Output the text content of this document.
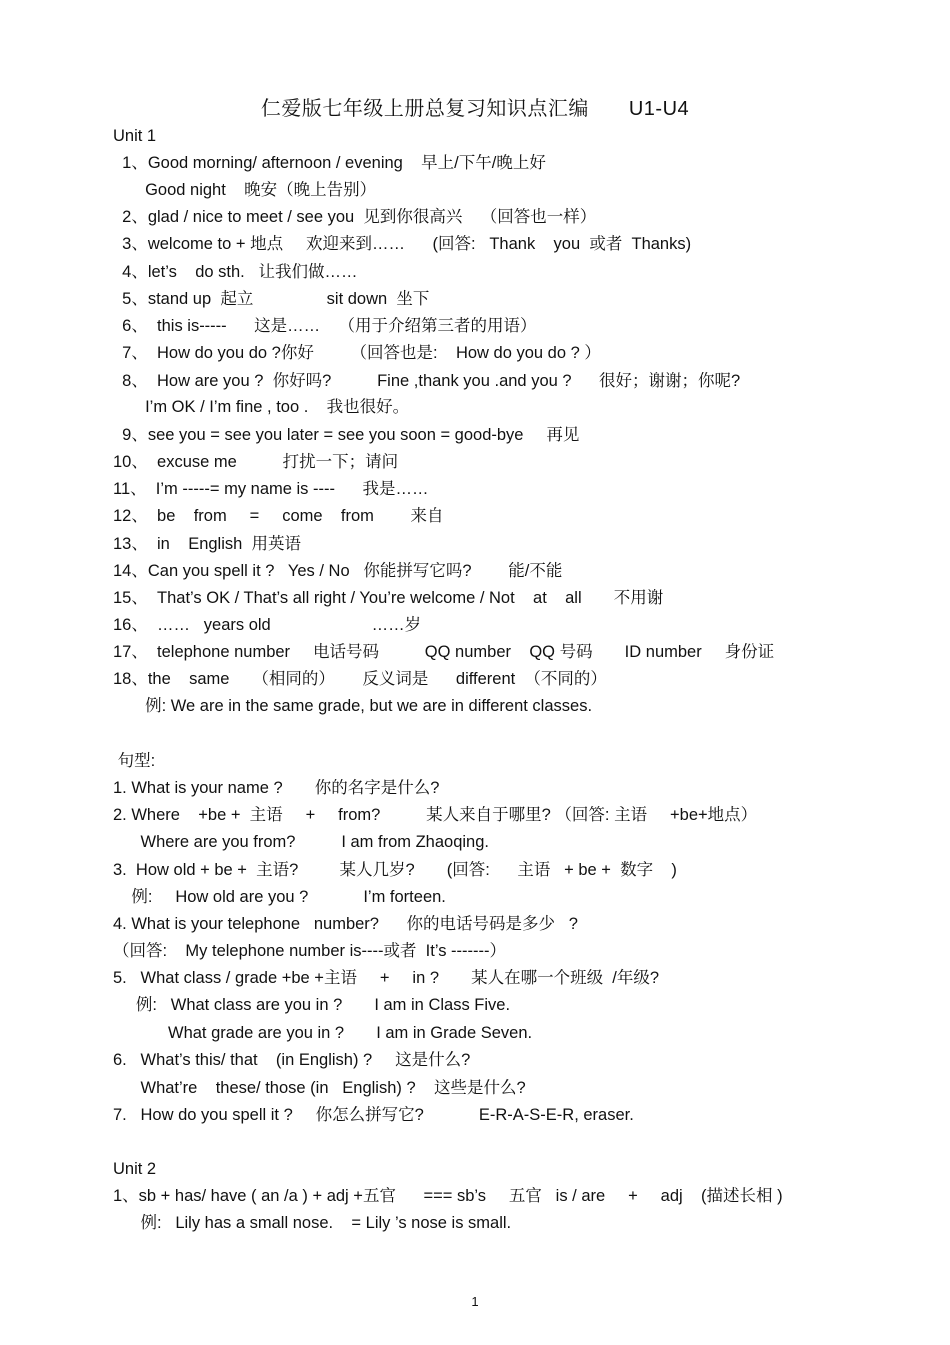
仁爱版七年级上册总复习知识点汇编 U1-U4
Unit 1
1、Good morning/ afternoon / evening    早上/下午/晚上好
Good night    晚安（晚上告别）
2、glad / nice to meet / see you  见到你很高兴    （回答也一样）
3、welcome to + 地点     欢迎来到……      (回答:   Thank    you  或者  Thanks)
4、let’s    do sth.   让我们做……
5、stand up  起立                sit down  坐下
6、  this is-----      这是……    （用于介绍第三者的用语）
7、  How do you do ?你好        （回答也是:    How do you do ? ）
8、  How are you ?  你好吗?          Fine ,thank you .and you ?      很好；谢谢；你呢?
I’m OK / I’m fine , too .    我也很好。
9、see you = see you later = see you soon = good-bye     再见
10、  excuse me          打扰一下；请问
11、  I’m -----= my name is ----      我是……
12、  be    from     =     come    from        来自
13、  in    English  用英语
14、Can you spell it ?   Yes / No   你能拼写它吗?        能/不能
15、  That’s OK / That’s all right / You’re welcome / Not    at    all       不用谢
16、  ……   years old                      ……岁
17、  telephone number     电话号码          QQ number    QQ 号码       ID number     身份证
18、the    same     （相同的）      反义词是      different  （不同的）
例: We are in the same grade, but we are in different classes.
句型:
1. What is your name ?       你的名字是什么?
2. Where    +be +  主语     +     from?          某人来自于哪里? （回答: 主语     +be+地点）
Where are you from?          I am from Zhaoqing.
3.  How old + be +  主语?         某人几岁?       (回答:      主语   + be +  数字    )
例:     How old are you ?            I’m forteen.
4. What is your telephone   number?      你的电话号码是多少   ?
（回答:    My telephone number is----或者  It’s -------）
5.   What class / grade +be +主语     +     in ?       某人在哪一个班级  /年级?
例:   What class are you in ?       I am in Class Five.
What grade are you in ?       I am in Grade Seven.
6.   What’s this/ that    (in English) ?     这是什么?
What’re    these/ those (in   English) ?    这些是什么?
7.   How do you spell it ?     你怎么拼写它?            E-R-A-S-E-R, eraser.
Unit 2
1、sb + has/ have ( an /a ) + adj +五官      === sb’s     五官   is / are     +     adj    (描述长相 )
例:   Lily has a small nose.    = Lily ’s nose is small.
1
